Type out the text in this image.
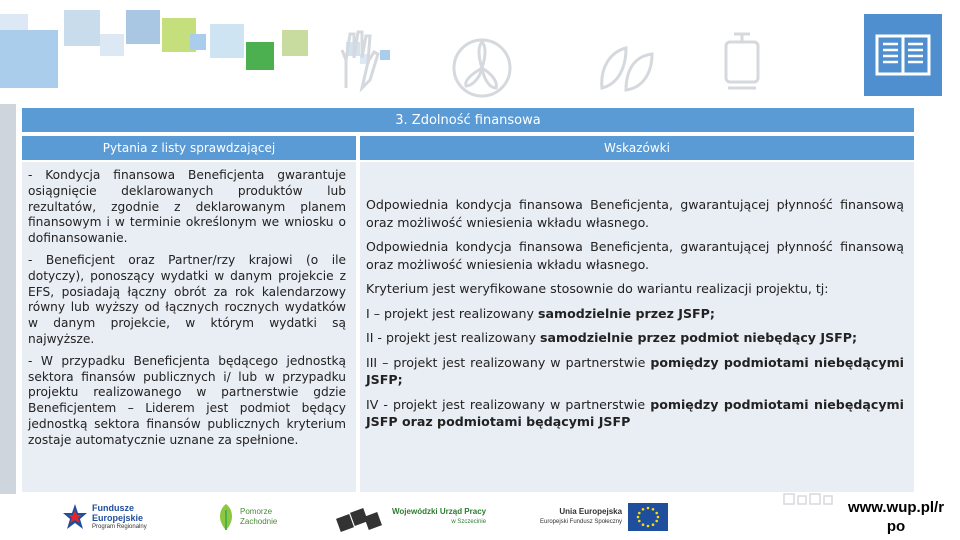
3. Zdolność finansowa
Pytania z listy sprawdzającej	Wskazówki

- Kondycja finansowa Beneficjenta gwarantuje osiągnięcie deklarowanych produktów lub rezultatów, zgodnie z deklarowanym planem finansowym i w terminie określonym we wniosku o dofinansowanie.

- Beneficjent oraz Partner/rzy krajowi (o ile dotyczy), ponoszący wydatki w danym projekcie z EFS, posiadają łączny obrót za rok kalendarzowy równy lub wyższy od łącznych rocznych wydatków w danym projekcie, w którym wydatki są najwyższe.

- W przypadku Beneficjenta będącego jednostką sektora finansów publicznych i/ lub w przypadku projektu realizowanego w partnerstwie gdzie Beneficjentem – Liderem jest podmiot będący jednostką sektora finansów publicznych kryterium zostaje automatycznie uznane za spełnione.

Odpowiednia kondycja finansowa Beneficjenta, gwarantującej płynność finansową oraz możliwość wniesienia wkładu własnego.

Odpowiednia kondycja finansowa Beneficjenta, gwarantującej płynność finansową oraz możliwość wniesienia wkładu własnego.

Kryterium jest weryfikowane stosownie do wariantu realizacji projektu, tj:

I – projekt jest realizowany samodzielnie przez JSFP;

II - projekt jest realizowany samodzielnie przez podmiot niebędący JSFP;

III – projekt jest realizowany w partnerstwie pomiędzy podmiotami niebędącymi JSFP;

IV - projekt jest realizowany w partnerstwie pomiędzy podmiotami niebędącymi JSFP oraz podmiotami będącymi JSFP

Fundusze
Europejskie
Program Regionalny
Pomorze
Zachodnie
Wojewódzki Urząd Pracy
w Szczecinie
Unia Europejska
Europejski Fundusz Społeczny
www.wup.pl/r
po
